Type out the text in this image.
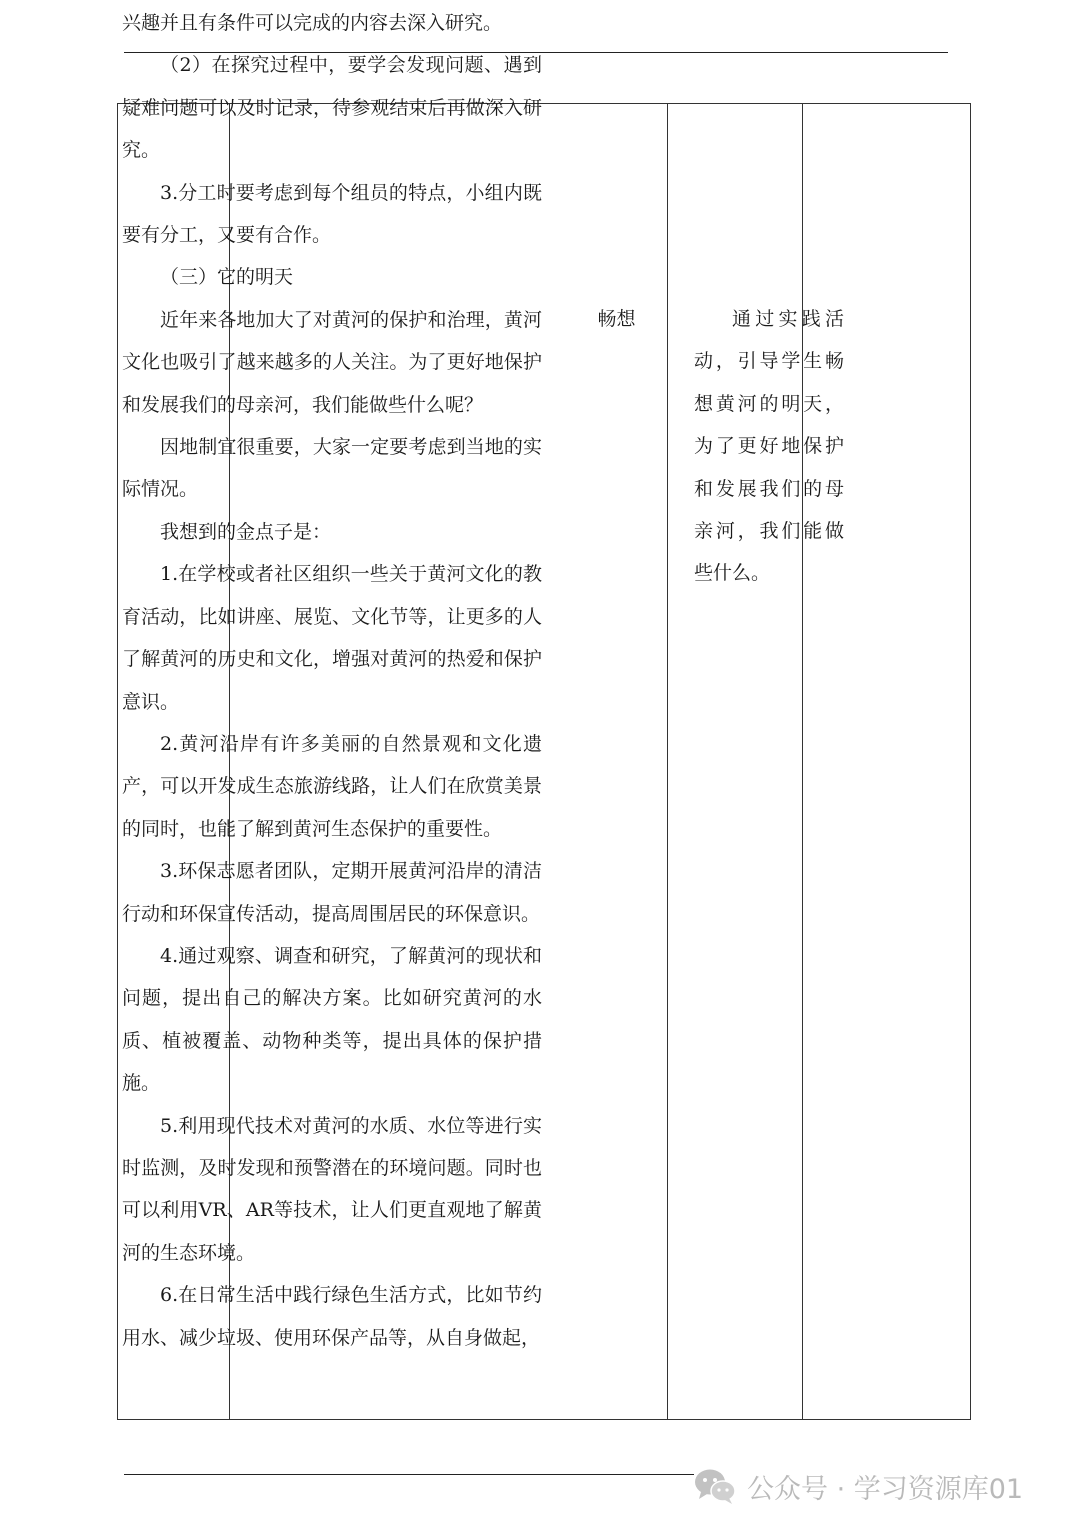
兴趣并且有条件可以完成的内容去深入研究。

（2）在探究过程中，要学会发现问题、遇到疑难问题可以及时记录，待参观结束后再做深入研究。

3.分工时要考虑到每个组员的特点，小组内既要有分工，又要有合作。

（三）它的明天

近年来各地加大了对黄河的保护和治理，黄河文化也吸引了越来越多的人关注。为了更好地保护和发展我们的母亲河，我们能做些什么呢？

因地制宜很重要，大家一定要考虑到当地的实际情况。

我想到的金点子是：

1.在学校或者社区组织一些关于黄河文化的教育活动，比如讲座、展览、文化节等，让更多的人了解黄河的历史和文化，增强对黄河的热爱和保护意识。

2.黄河沿岸有许多美丽的自然景观和文化遗产，可以开发成生态旅游线路，让人们在欣赏美景的同时，也能了解到黄河生态保护的重要性。

3.环保志愿者团队，定期开展黄河沿岸的清洁行动和环保宣传活动，提高周围居民的环保意识。

4.通过观察、调查和研究，了解黄河的现状和问题，提出自己的解决方案。比如研究黄河的水质、植被覆盖、动物种类等，提出具体的保护措施。

5.利用现代技术对黄河的水质、水位等进行实时监测，及时发现和预警潜在的环境问题。同时也可以利用VR、AR等技术，让人们更直观地了解黄河的生态环境。

6.在日常生活中践行绿色生活方式，比如节约用水、减少垃圾、使用环保产品等，从自身做起，

畅想	通过实践活动，引导学生畅想黄河的明天，为了更好地保护和发展我们的母亲河，我们能做些什么。

公众号 · 学习资源库01
